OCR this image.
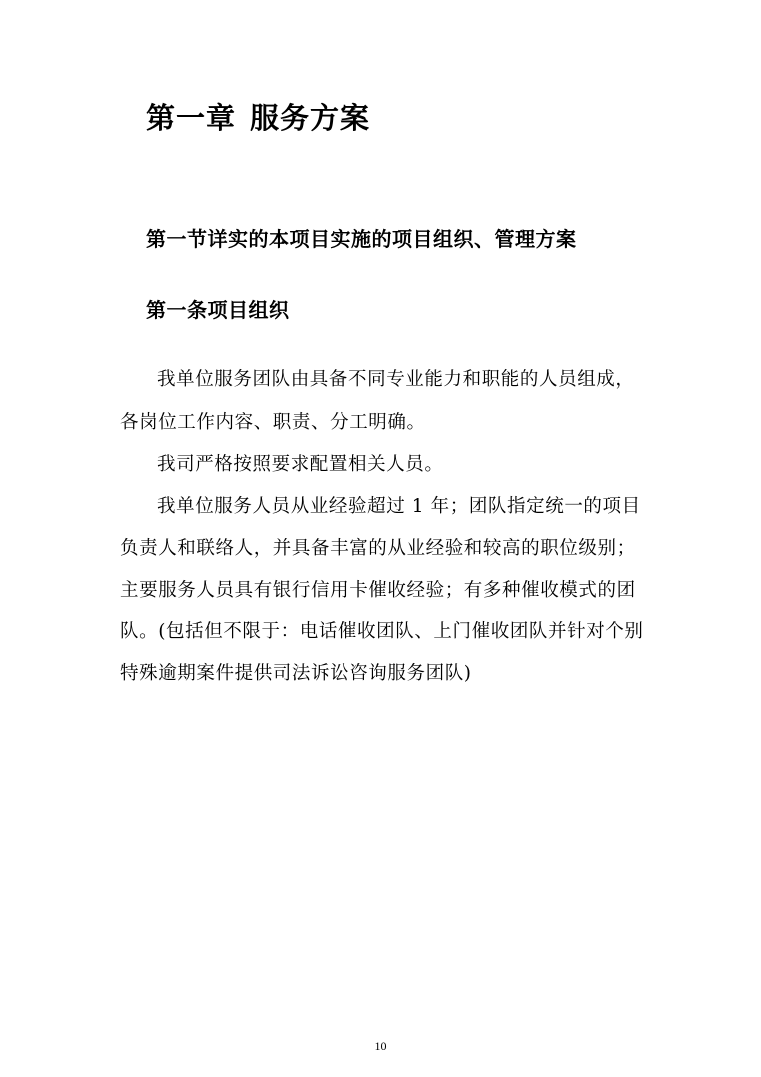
第一章 服务方案
第一节详实的本项目实施的项目组织、管理方案
第一条项目组织
我单位服务团队由具备不同专业能力和职能的人员组成，
各岗位工作内容、职责、分工明确。
我司严格按照要求配置相关人员。
我单位服务人员从业经验超过 1 年；团队指定统一的项目
负责人和联络人，并具备丰富的从业经验和较高的职位级别；
主要服务人员具有银行信用卡催收经验；有多种催收模式的团
队。(包括但不限于：电话催收团队、上门催收团队并针对个别
特殊逾期案件提供司法诉讼咨询服务团队)
10
